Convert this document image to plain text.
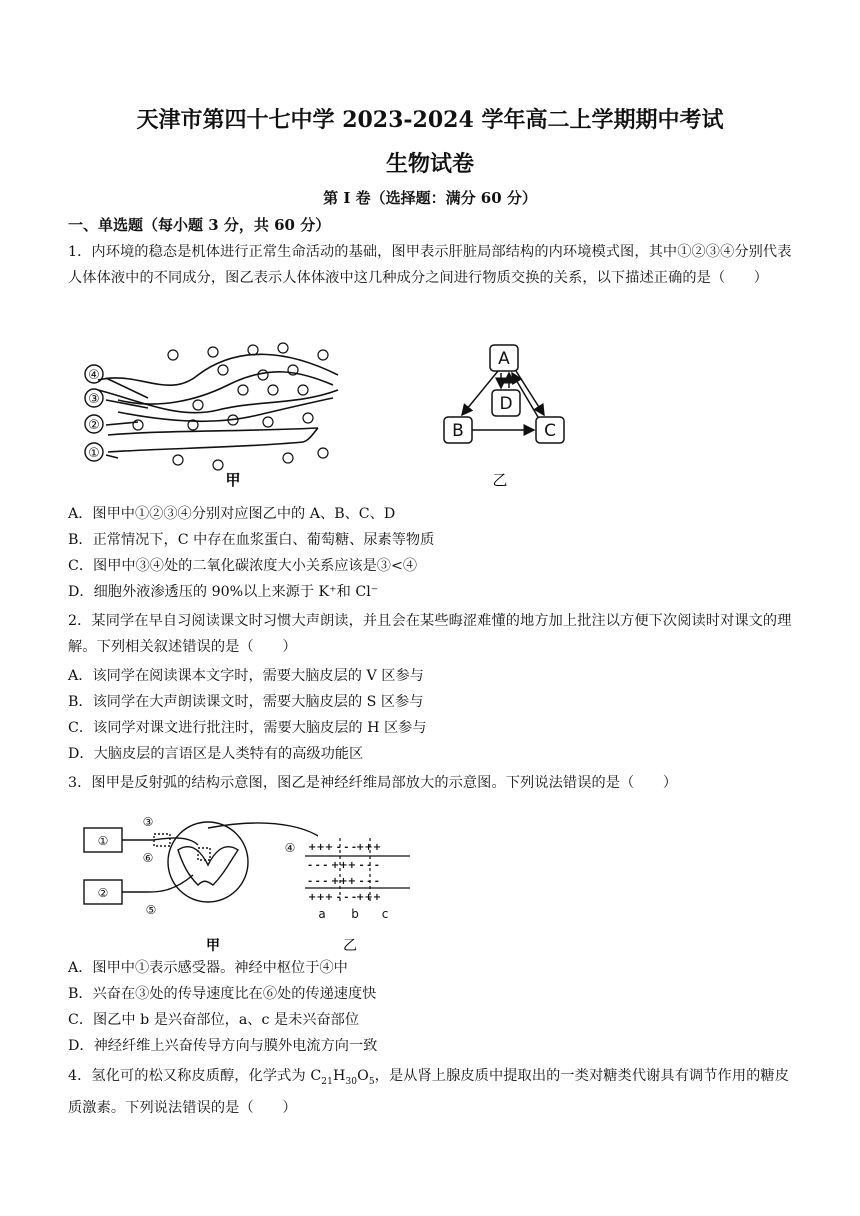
天津市第四十七中学 2023-2024 学年高二上学期期中考试
生物试卷
第 I 卷（选择题：满分 60 分）
一、单选题（每小题 3 分，共 60 分）
1．内环境的稳态是机体进行正常生命活动的基础，图甲表示肝脏局部结构的内环境模式图，其中①②③④分别代表人体体液中的不同成分，图乙表示人体体液中这几种成分之间进行物质交换的关系，以下描述正确的是（　　）
④
③
②
①
甲
A
B	C
D
乙
A．图甲中①②③④分别对应图乙中的 A、B、C、D
B．正常情况下，C 中存在血浆蛋白、葡萄糖、尿素等物质
C．图甲中③④处的二氧化碳浓度大小关系应该是③<④
D．细胞外液渗透压的 90%以上来源于 K⁺和 Cl⁻
2．某同学在早自习阅读课文时习惯大声朗读，并且会在某些晦涩难懂的地方加上批注以方便下次阅读时对课文的理解。下列相关叙述错误的是（　　）
A．该同学在阅读课本文字时，需要大脑皮层的 V 区参与
B．该同学在大声朗读课文时，需要大脑皮层的 S 区参与
C．该同学对课文进行批注时，需要大脑皮层的 H 区参与
D．大脑皮层的言语区是人类特有的高级功能区
3．图甲是反射弧的结构示意图，图乙是神经纤维局部放大的示意图。下列说法错误的是（　　）
①
②
③
④
⑤
⑥
甲
+++ - - -+++
- - - +++ - - -
- - - +++ - - -
+++ - - -+++
a b c
乙
A．图甲中①表示感受器。神经中枢位于④中
B．兴奋在③处的传导速度比在⑥处的传递速度快
C．图乙中 b 是兴奋部位，a、c 是未兴奋部位
D．神经纤维上兴奋传导方向与膜外电流方向一致
4．氢化可的松又称皮质醇，化学式为 $C_{21}H_{30}O_5$，是从肾上腺皮质中提取出的一类对糖类代谢具有调节作用的糖皮质激素。下列说法错误的是（　　）
